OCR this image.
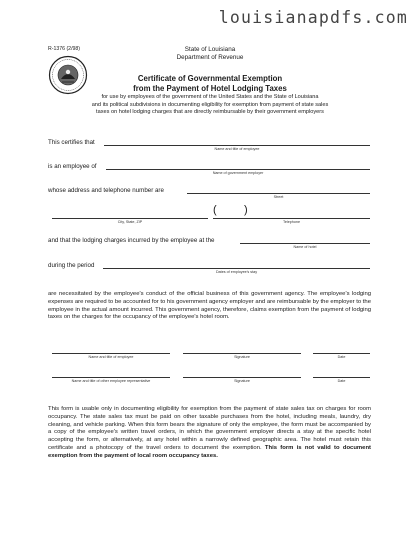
louisianapdfs.com
R-1376 (2/98)	State of Louisiana
Department of Revenue
Certificate of Governmental Exemption
from the Payment of Hotel Lodging Taxes
for use by employees of the government of the United States and the State of Louisiana
and its political subdivisions in documenting eligibility for exemption from payment of state sales
taxes on hotel lodging charges that are directly reimbursable by their government employers
This certifies that
Name and title of employee
is an employee of
Name of government employer
whose address and telephone number are
Street
City, State, ZIP
( )
Telephone
and that the lodging charges incurred by the employee at the
Name of hotel
during the period
Dates of employee's stay
are necessitated by the employee's conduct of the official business of this government agency. The employee's lodging expenses are required to be accounted for to his government agency employer and are reimbursable by the employer to the employee in the actual amount incurred. This government agency, therefore, claims exemption from the payment of lodging taxes on the charges for the occupancy of the employee's hotel room.
Name and title of employee	Signature	Date
Name and title of other employee representative	Signature	Date
This form is usable only in documenting eligibility for exemption from the payment of state sales tax on charges for room occupancy. The state sales tax must be paid on other taxable purchases from the hotel, including meals, laundry, dry cleaning, and vehicle parking. When this form bears the signature of only the employee, the form must be accompanied by a copy of the employee's written travel orders, in which the government employer directs a stay at the specific hotel accepting the form, or alternatively, at any hotel within a narrowly defined geographic area. The hotel must retain this certificate and a photocopy of the travel orders to document the exemption. This form is not valid to document exemption from the payment of local room occupancy taxes.
